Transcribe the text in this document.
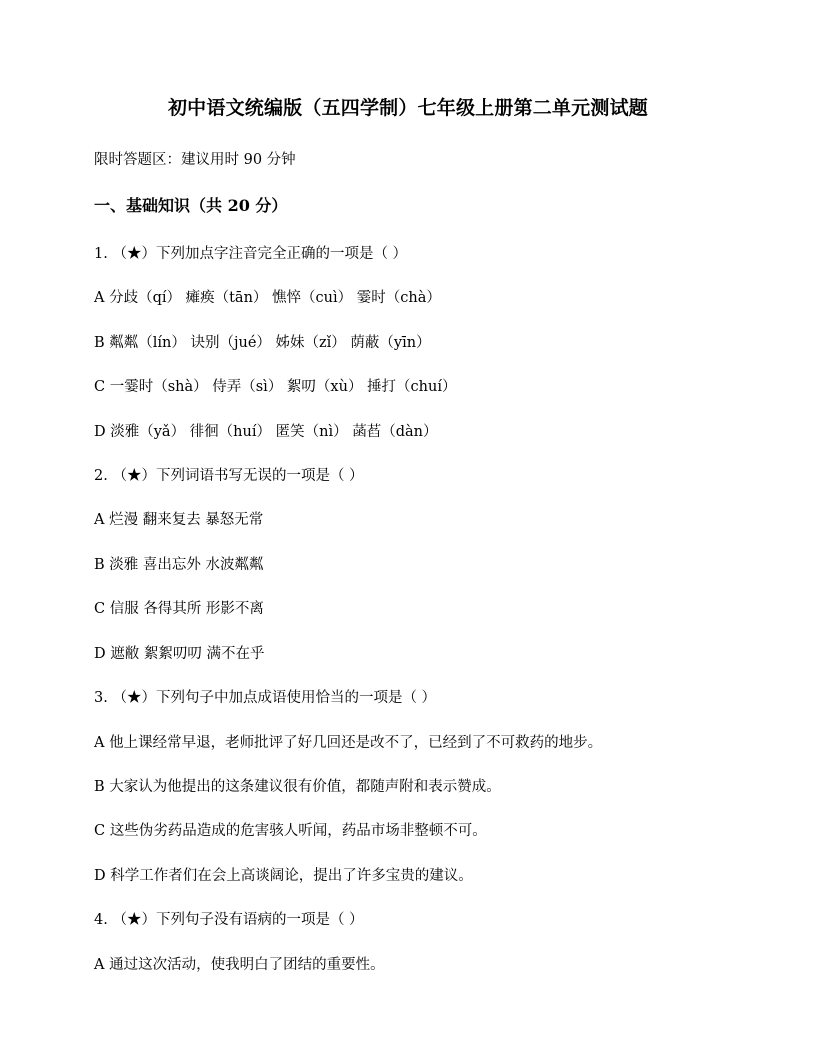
初中语文统编版（五四学制）七年级上册第二单元测试题
限时答题区：建议用时 90 分钟
一、基础知识（共 20 分）
1. （★）下列加点字注音完全正确的一项是（ ）
A 分歧（qí） 瘫痪（tān） 憔悴（cuì） 霎时（chà）
B 粼粼（lín） 诀别（jué） 姊妹（zǐ） 荫蔽（yīn）
C 一霎时（shà） 侍弄（sì） 絮叨（xù） 捶打（chuí）
D 淡雅（yǎ） 徘徊（huí） 匿笑（nì） 菡萏（dàn）
2. （★）下列词语书写无误的一项是（ ）
A 烂漫 翻来复去 暴怒无常
B 淡雅 喜出忘外 水波粼粼
C 信服 各得其所 形影不离
D 遮敝 絮絮叨叨 满不在乎
3. （★）下列句子中加点成语使用恰当的一项是（ ）
A 他上课经常早退，老师批评了好几回还是改不了，已经到了不可救药的地步。
B 大家认为他提出的这条建议很有价值，都随声附和表示赞成。
C 这些伪劣药品造成的危害骇人听闻，药品市场非整顿不可。
D 科学工作者们在会上高谈阔论，提出了许多宝贵的建议。
4. （★）下列句子没有语病的一项是（ ）
A 通过这次活动，使我明白了团结的重要性。
